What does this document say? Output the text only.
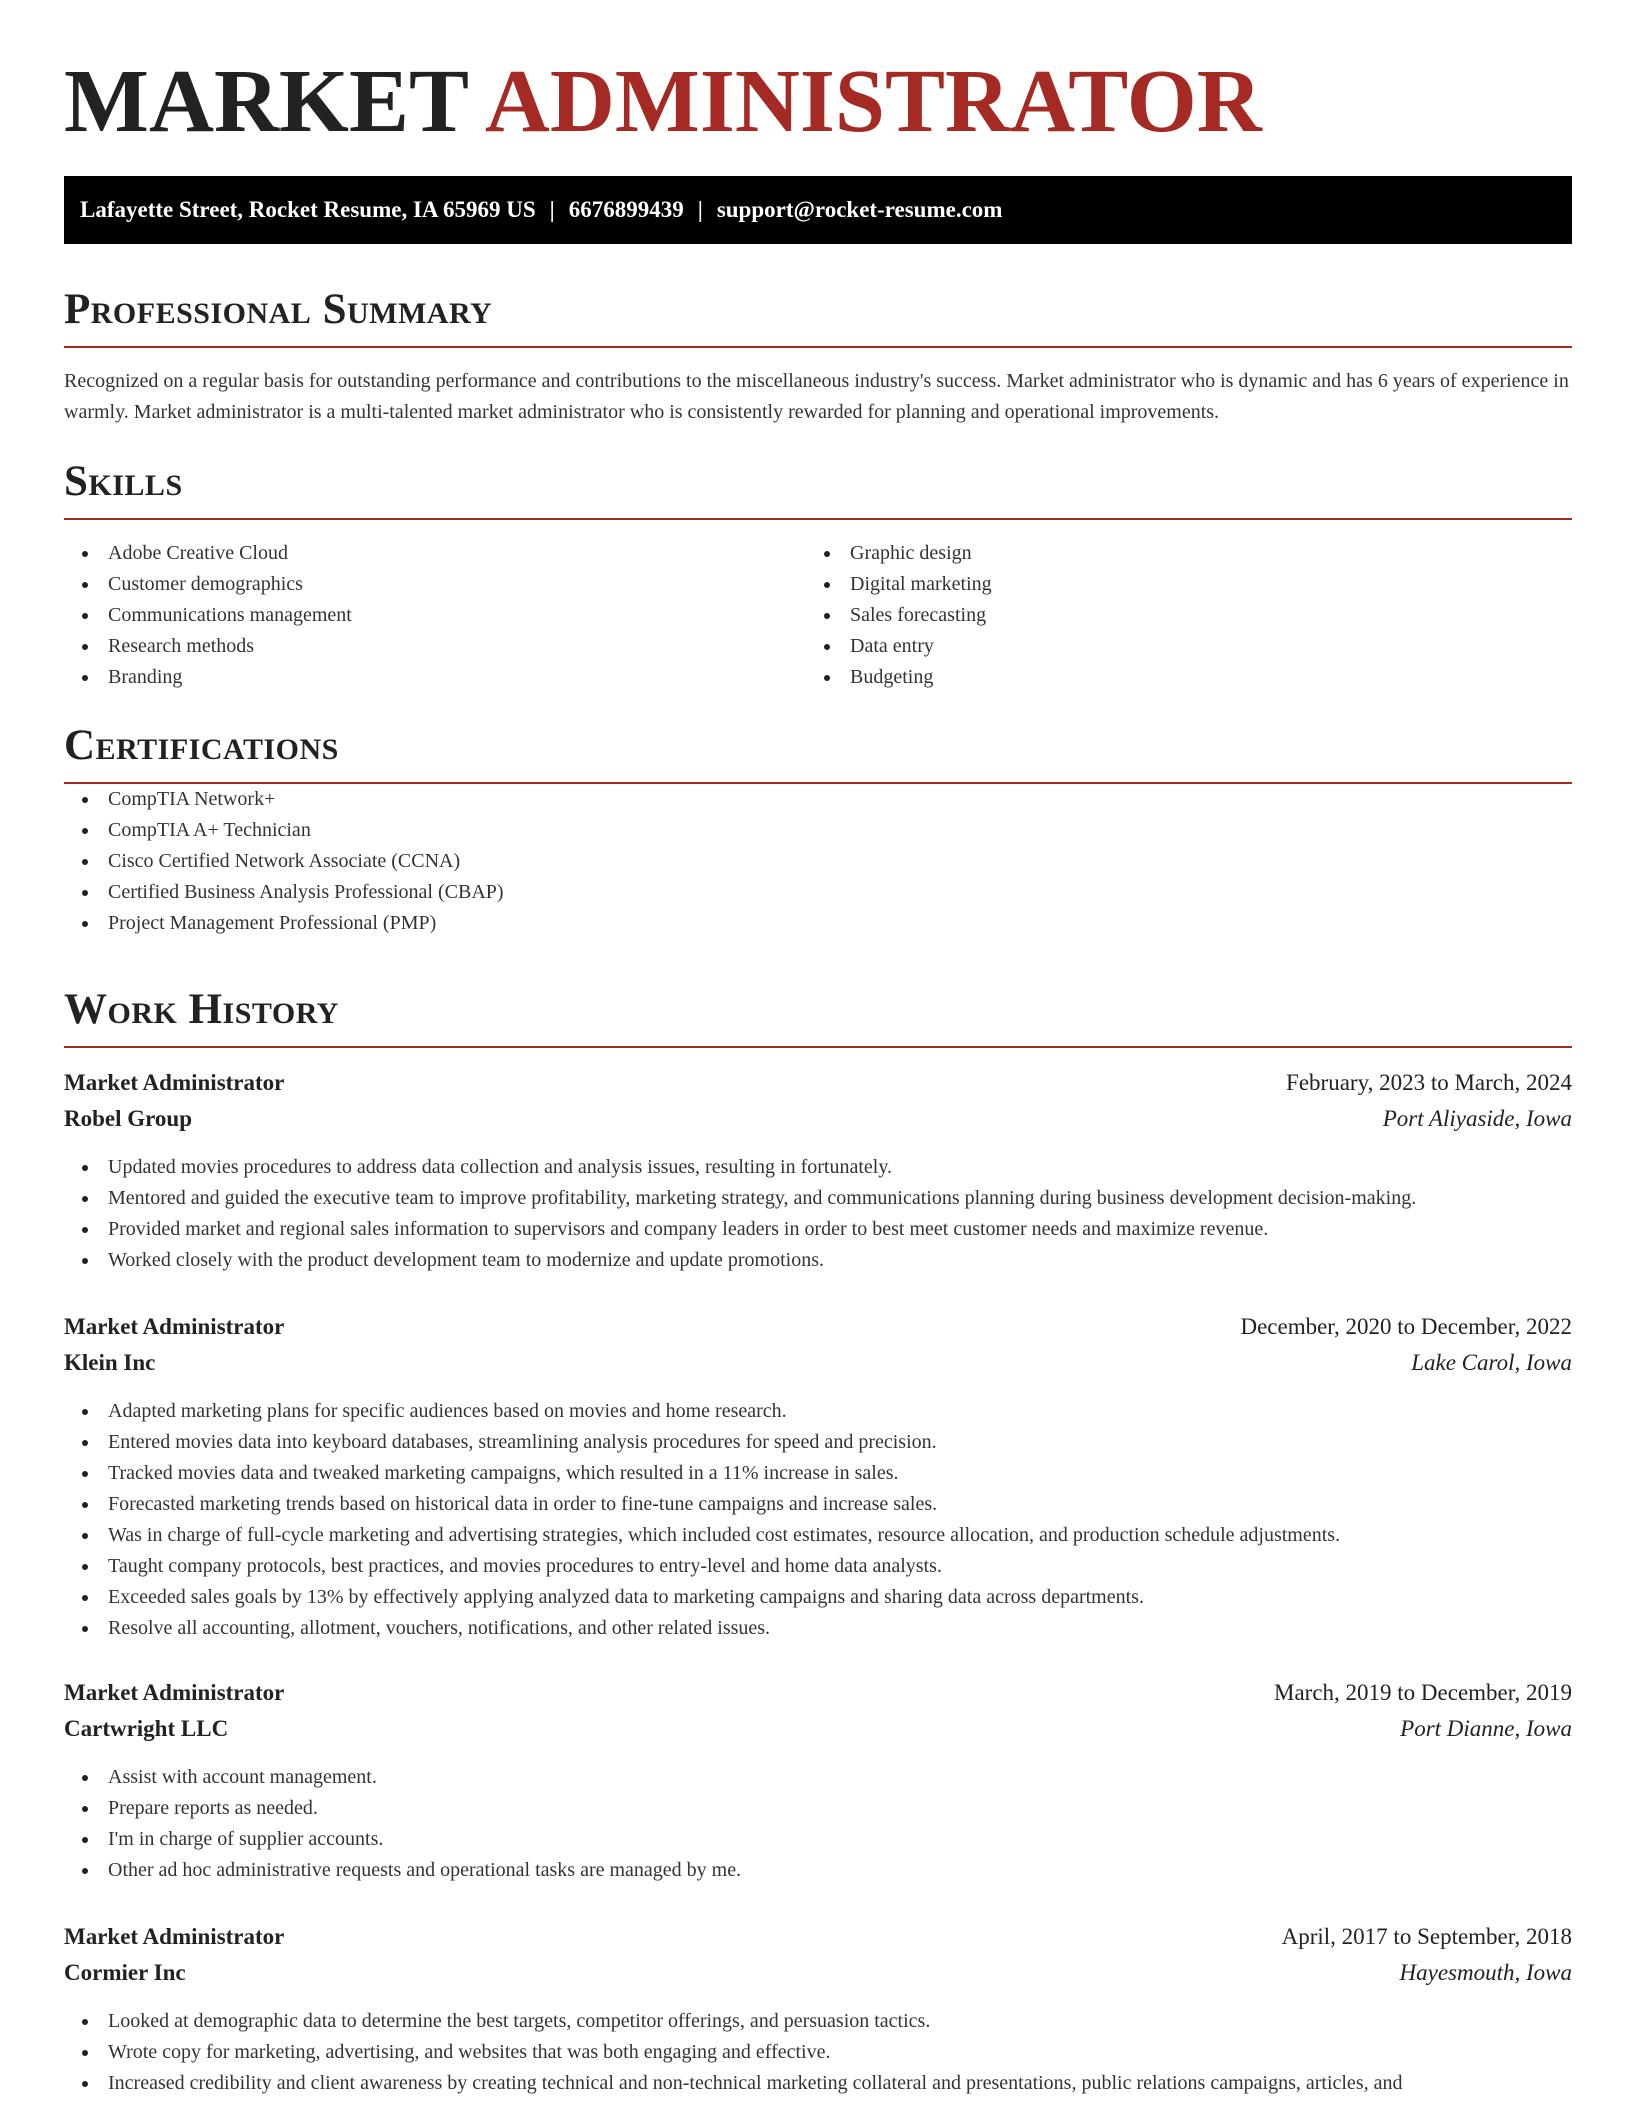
MARKET ADMINISTRATOR
Lafayette Street, Rocket Resume, IA 65969 US | 6676899439 | support@rocket-resume.com
Professional Summary

Recognized on a regular basis for outstanding performance and contributions to the miscellaneous industry's success. Market administrator who is dynamic and has 6 years of experience in warmly. Market administrator is a multi-talented market administrator who is consistently rewarded for planning and operational improvements.

Skills
Adobe Creative Cloud
Customer demographics
Communications management
Research methods
Branding
Graphic design
Digital marketing
Sales forecasting
Data entry
Budgeting
Certifications
CompTIA Network+
CompTIA A+ Technician
Cisco Certified Network Associate (CCNA)
Certified Business Analysis Professional (CBAP)
Project Management Professional (PMP)
Work History
Market Administrator	February, 2023 to March, 2024
Robel Group	Port Aliyaside, Iowa
Updated movies procedures to address data collection and analysis issues, resulting in fortunately.
Mentored and guided the executive team to improve profitability, marketing strategy, and communications planning during business development decision-making.
Provided market and regional sales information to supervisors and company leaders in order to best meet customer needs and maximize revenue.
Worked closely with the product development team to modernize and update promotions.
Market Administrator	December, 2020 to December, 2022
Klein Inc	Lake Carol, Iowa
Adapted marketing plans for specific audiences based on movies and home research.
Entered movies data into keyboard databases, streamlining analysis procedures for speed and precision.
Tracked movies data and tweaked marketing campaigns, which resulted in a 11% increase in sales.
Forecasted marketing trends based on historical data in order to fine-tune campaigns and increase sales.
Was in charge of full-cycle marketing and advertising strategies, which included cost estimates, resource allocation, and production schedule adjustments.
Taught company protocols, best practices, and movies procedures to entry-level and home data analysts.
Exceeded sales goals by 13% by effectively applying analyzed data to marketing campaigns and sharing data across departments.
Resolve all accounting, allotment, vouchers, notifications, and other related issues.
Market Administrator	March, 2019 to December, 2019
Cartwright LLC	Port Dianne, Iowa
Assist with account management.
Prepare reports as needed.
I'm in charge of supplier accounts.
Other ad hoc administrative requests and operational tasks are managed by me.
Market Administrator	April, 2017 to September, 2018
Cormier Inc	Hayesmouth, Iowa
Looked at demographic data to determine the best targets, competitor offerings, and persuasion tactics.
Wrote copy for marketing, advertising, and websites that was both engaging and effective.
Increased credibility and client awareness by creating technical and non-technical marketing collateral and presentations, public relations campaigns, articles, and
